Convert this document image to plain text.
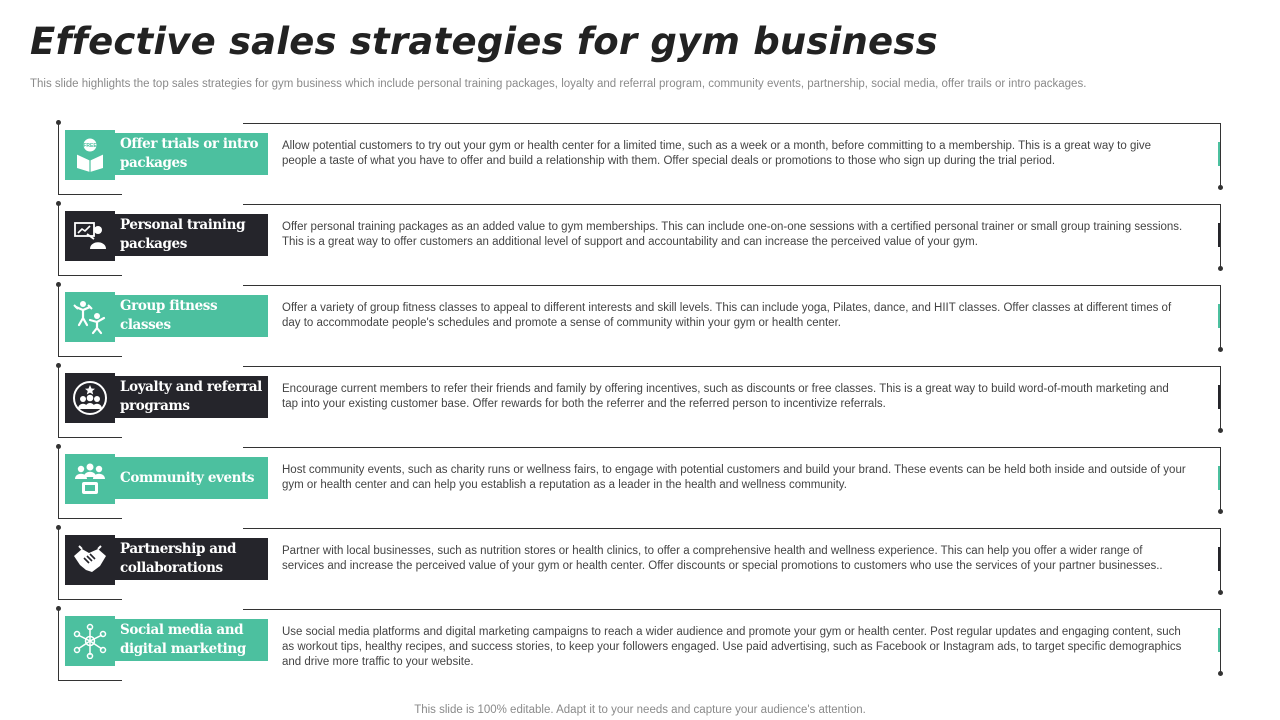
Effective sales strategies for gym business

This slide highlights the top sales strategies for gym business which include personal training packages, loyalty and referral program, community events, partnership, social media, offer trails or intro packages.

FREE Offer trials or intro packages

Allow potential customers to try out your gym or health center for a limited time, such as a week or a month, before committing to a membership. This is a great way to give people a taste of what you have to offer and build a relationship with them. Offer special deals or promotions to those who sign up during the trial period.

Personal training packages

Offer personal training packages as an added value to gym memberships. This can include one-on-one sessions with a certified personal trainer or small group training sessions. This is a great way to offer customers an additional level of support and accountability and can increase the perceived value of your gym.

Group fitness classes

Offer a variety of group fitness classes to appeal to different interests and skill levels. This can include yoga, Pilates, dance, and HIIT classes. Offer classes at different times of day to accommodate people's schedules and promote a sense of community within your gym or health center.

Loyalty and referral programs

Encourage current members to refer their friends and family by offering incentives, such as discounts or free classes. This is a great way to build word-of-mouth marketing and tap into your existing customer base. Offer rewards for both the referrer and the referred person to incentivize referrals.

Community events Host community events, such as charity runs or wellness fairs, to engage with potential customers and build your brand. These events can be held both inside and outside of your gym or health center and can help you establish a reputation as a leader in the health and wellness community.

Partnership and collaborations

Partner with local businesses, such as nutrition stores or health clinics, to offer a comprehensive health and wellness experience. This can help you offer a wider range of services and increase the perceived value of your gym or health center. Offer discounts or special promotions to customers who use the services of your partner businesses..

Social media and digital marketing

Use social media platforms and digital marketing campaigns to reach a wider audience and promote your gym or health center. Post regular updates and engaging content, such as workout tips, healthy recipes, and success stories, to keep your followers engaged. Use paid advertising, such as Facebook or Instagram ads, to target specific demographics and drive more traffic to your website.

This slide is 100% editable. Adapt it to your needs and capture your audience's attention.
